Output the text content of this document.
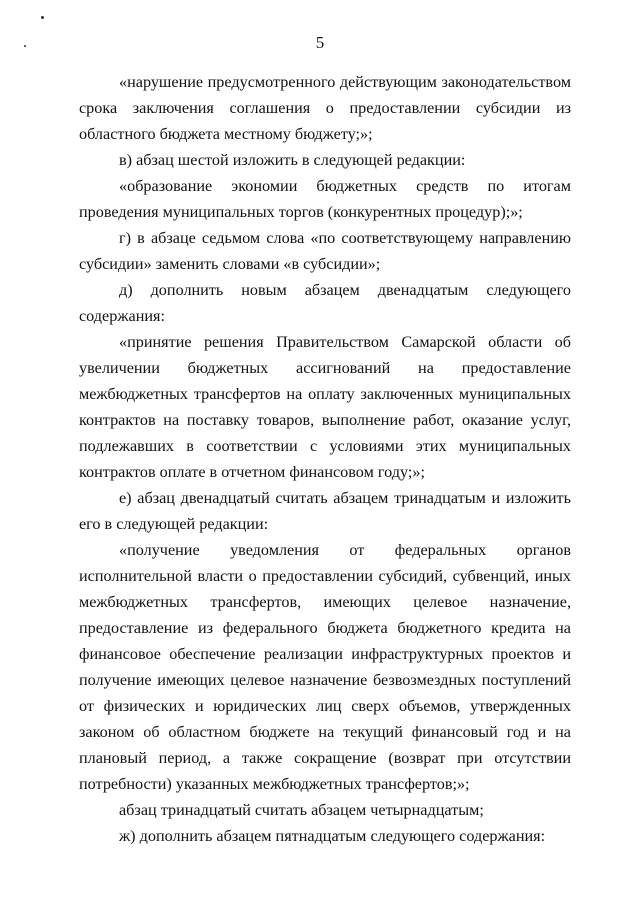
5

«нарушение предусмотренного действующим законодательством срока заключения соглашения о предоставлении субсидии из областного бюджета местному бюджету;»;

в) абзац шестой изложить в следующей редакции:

«образование экономии бюджетных средств по итогам проведения муниципальных торгов (конкурентных процедур);»;

г) в абзаце седьмом слова «по соответствующему направлению субсидии» заменить словами «в субсидии»;

д) дополнить новым абзацем двенадцатым следующего содержания:

«принятие решения Правительством Самарской области об увеличении бюджетных ассигнований на предоставление межбюджетных трансфертов на оплату заключенных муниципальных контрактов на поставку товаров, выполнение работ, оказание услуг, подлежавших в соответствии с условиями этих муниципальных контрактов оплате в отчетном финансовом году;»;

е) абзац двенадцатый считать абзацем тринадцатым и изложить его в следующей редакции:

«получение уведомления от федеральных органов исполнительной власти о предоставлении субсидий, субвенций, иных межбюджетных трансфертов, имеющих целевое назначение, предоставление из федерального бюджета бюджетного кредита на финансовое обеспечение реализации инфраструктурных проектов и получение имеющих целевое назначение безвозмездных поступлений от физических и юридических лиц сверх объемов, утвержденных законом об областном бюджете на текущий финансовый год и на плановый период, а также сокращение (возврат при отсутствии потребности) указанных межбюджетных трансфертов;»;

абзац тринадцатый считать абзацем четырнадцатым;

ж) дополнить абзацем пятнадцатым следующего содержания:
